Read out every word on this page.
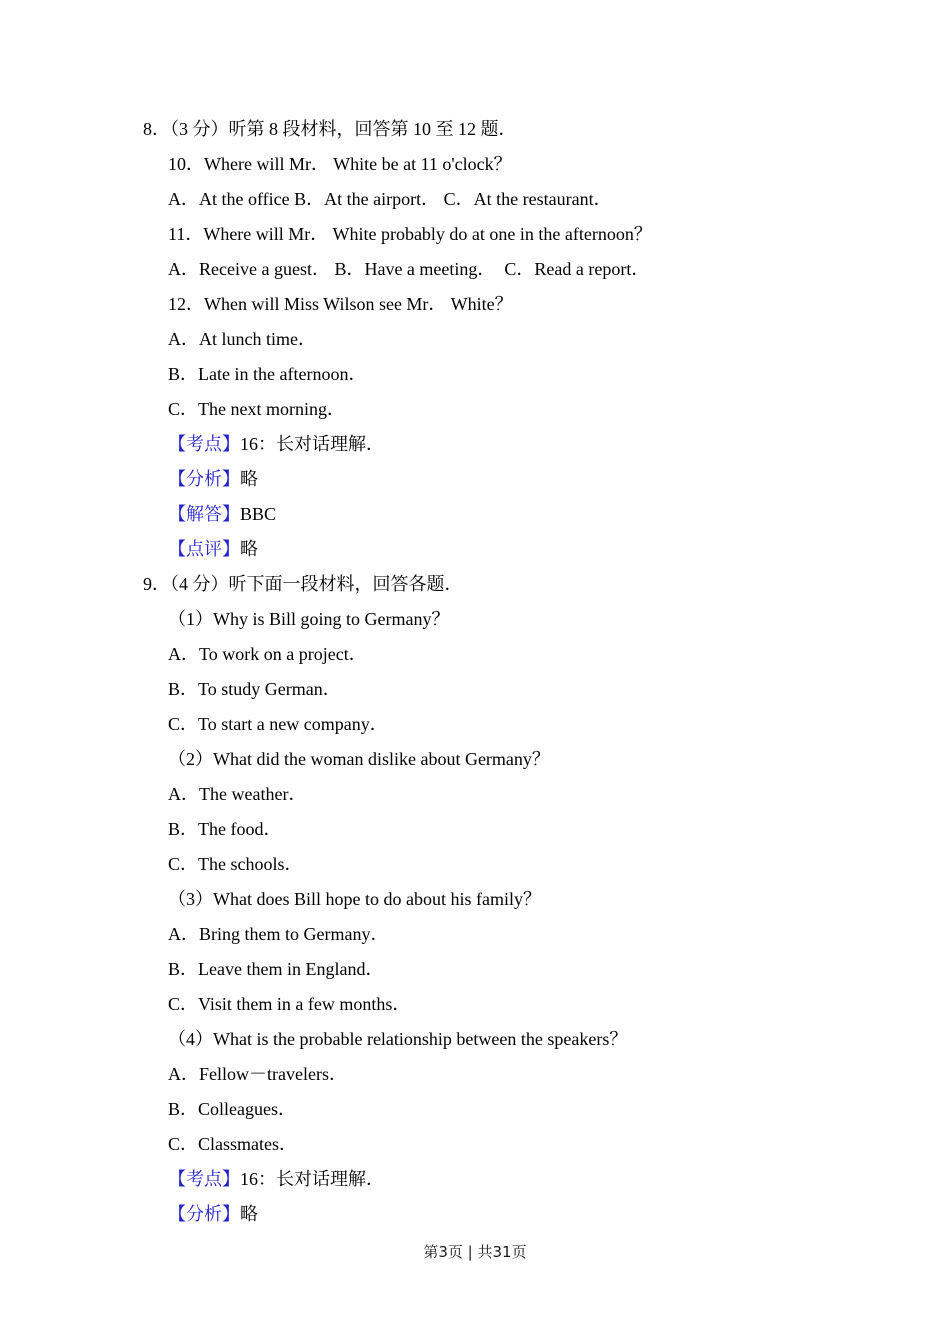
8．（3 分）听第 8 段材料，回答第 10 至 12 题．

10．Where will Mr． White be at 11 o'clock？

A．At the office B．At the airport． C．At the restaurant．

11．Where will Mr． White probably do at one in the afternoon？

A．Receive a guest． B．Have a meeting．  C．Read a report．

12．When will Miss Wilson see Mr． White？

A．At lunch time．

B．Late in the afternoon．

C．The next morning．

【考点】16：长对话理解．

【分析】略

【解答】BBC

【点评】略

9．（4 分）听下面一段材料，回答各题．

（1）Why is Bill going to Germany？

A．To work on a project．

B．To study German．

C．To start a new company．

（2）What did the woman dislike about Germany？

A．The weather．

B．The food．

C．The schools．

（3）What does Bill hope to do about his family？

A．Bring them to Germany．

B．Leave them in England．

C．Visit them in a few months．

（4）What is the probable relationship between the speakers？

A．Fellow－travelers．

B．Colleagues．

C．Classmates．

【考点】16：长对话理解．

【分析】略

第3页 | 共31页
